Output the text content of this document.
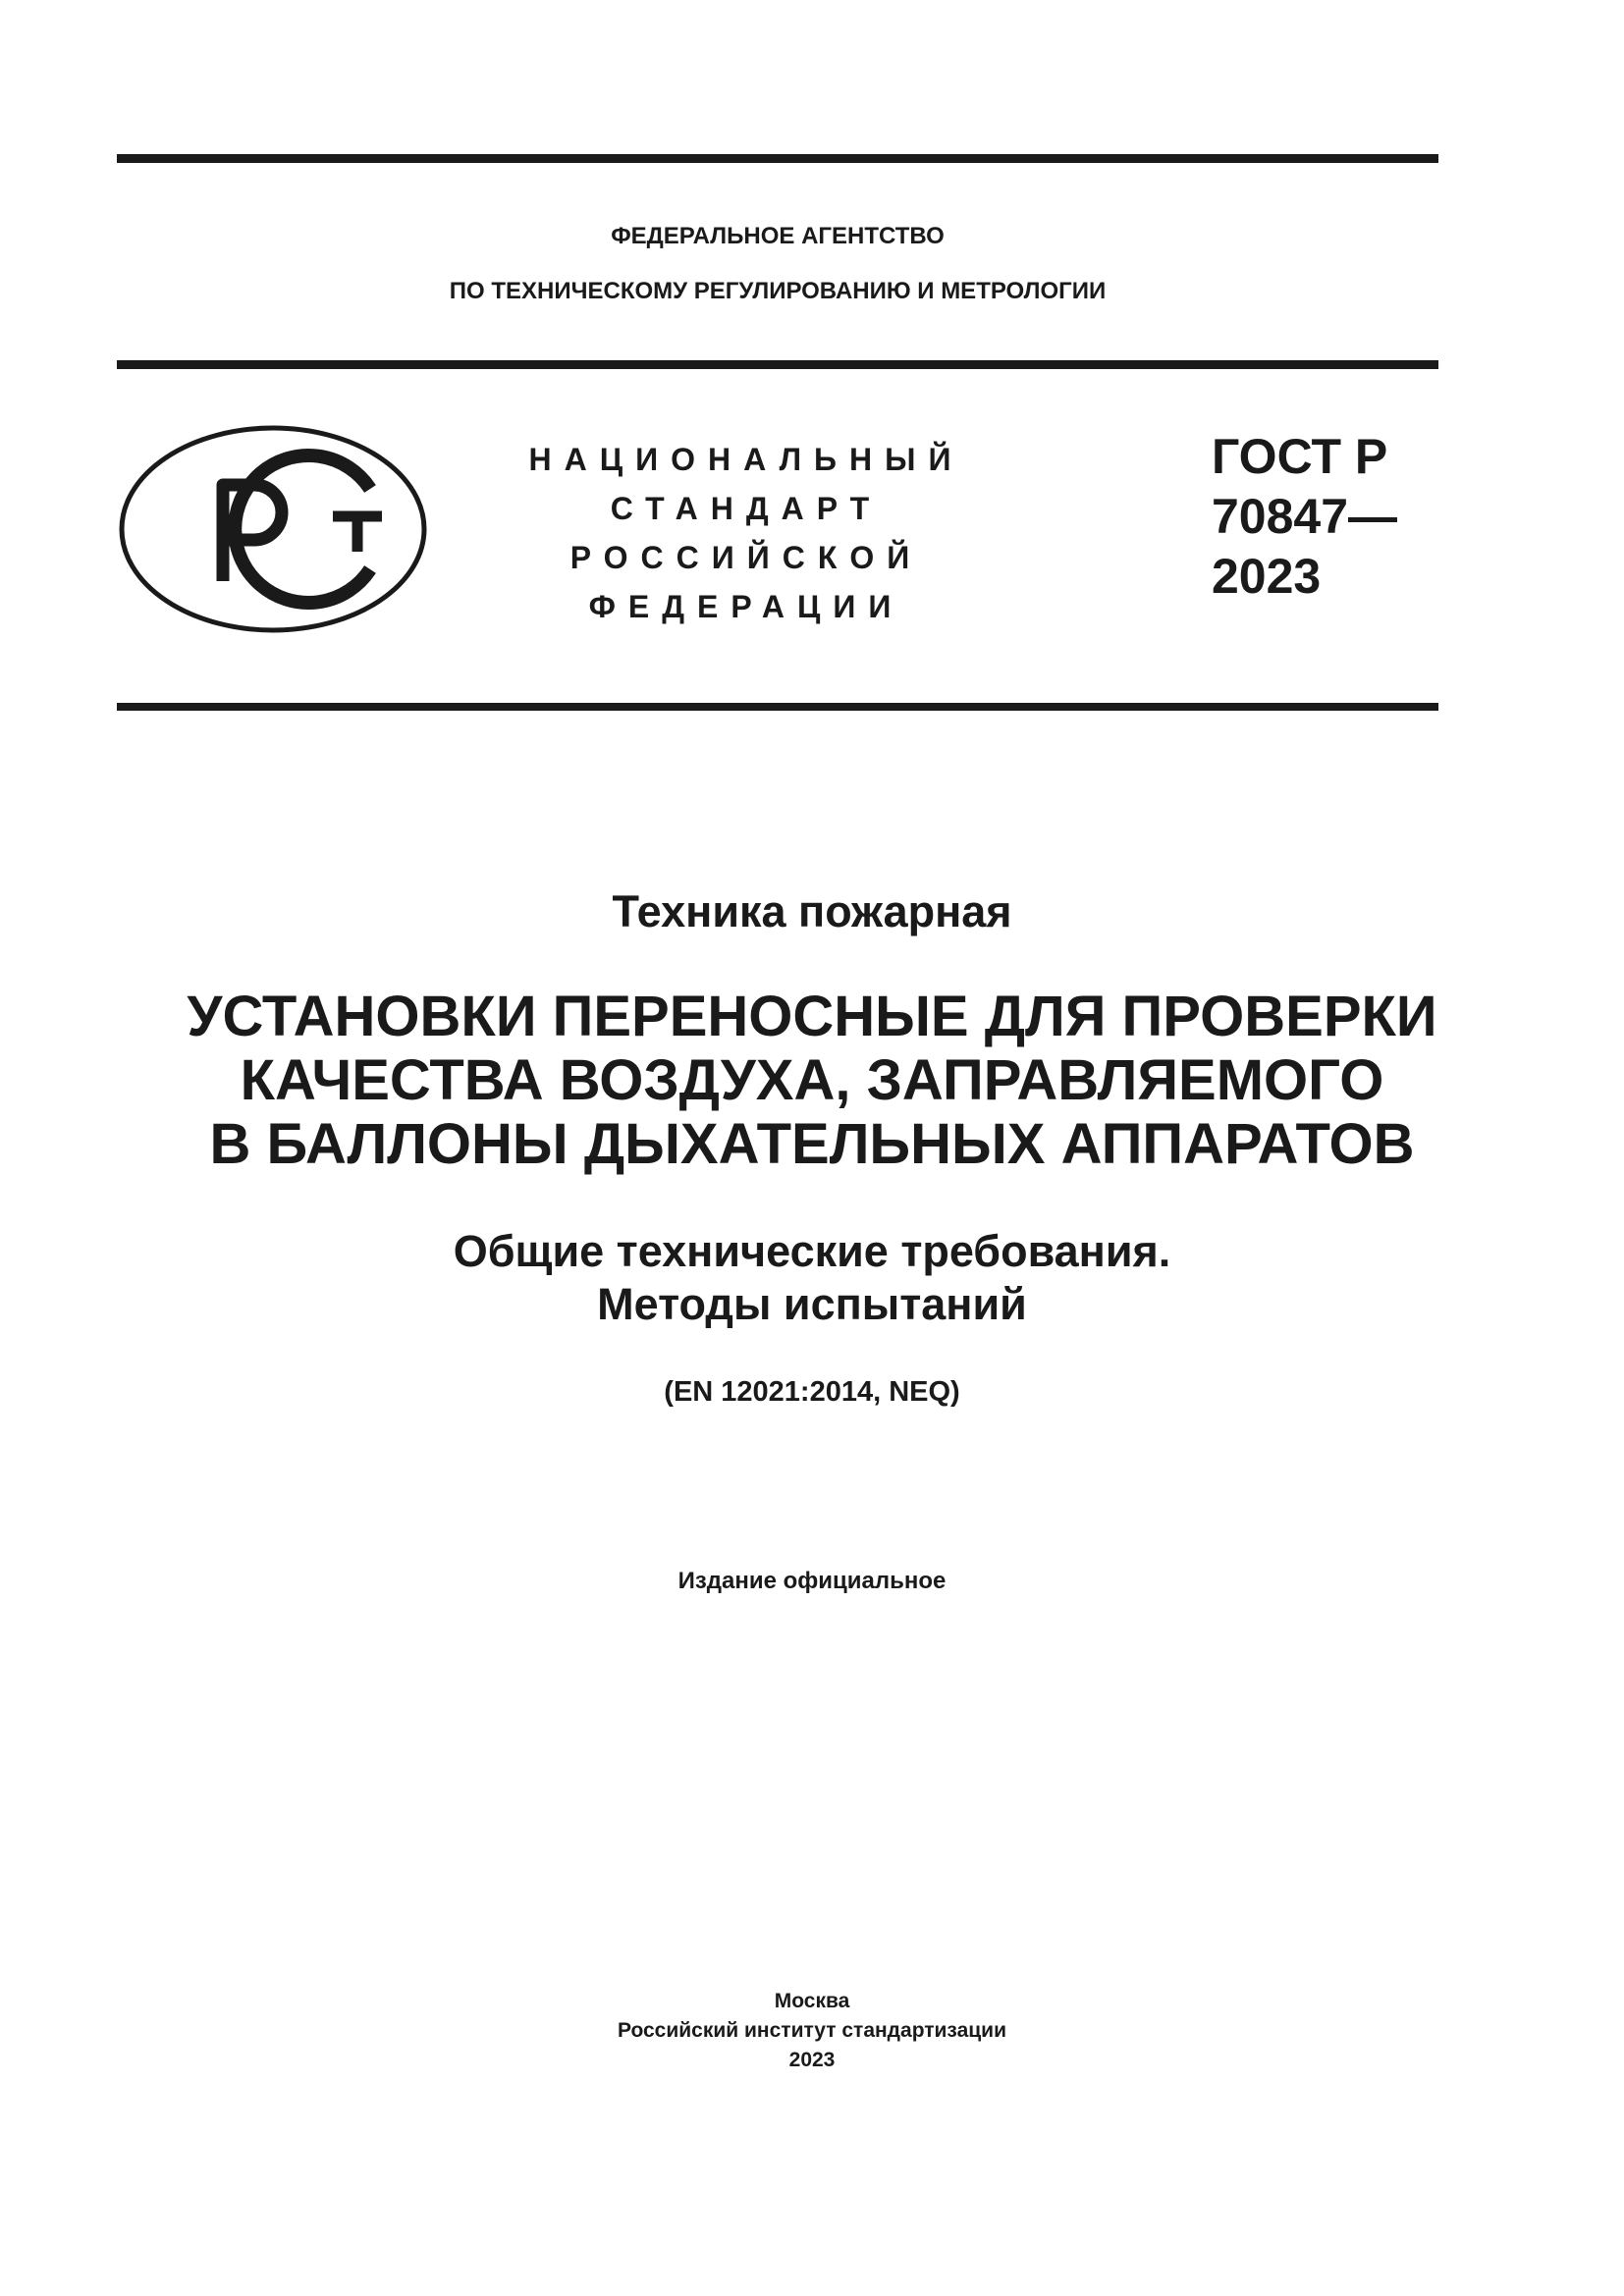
ФЕДЕРАЛЬНОЕ АГЕНТСТВО
ПО ТЕХНИЧЕСКОМУ РЕГУЛИРОВАНИЮ И МЕТРОЛОГИИ
НАЦИОНАЛЬНЫЙ
СТАНДАРТ
РОССИЙСКОЙ
ФЕДЕРАЦИИ
ГОСТ Р
70847—
2023
Техника пожарная
УСТАНОВКИ ПЕРЕНОСНЫЕ ДЛЯ ПРОВЕРКИ
КАЧЕСТВА ВОЗДУХА, ЗАПРАВЛЯЕМОГО
В БАЛЛОНЫ ДЫХАТЕЛЬНЫХ АППАРАТОВ
Общие технические требования.
Методы испытаний
(EN 12021:2014, NEQ)
Издание официальное
Москва
Российский институт стандартизации
2023
